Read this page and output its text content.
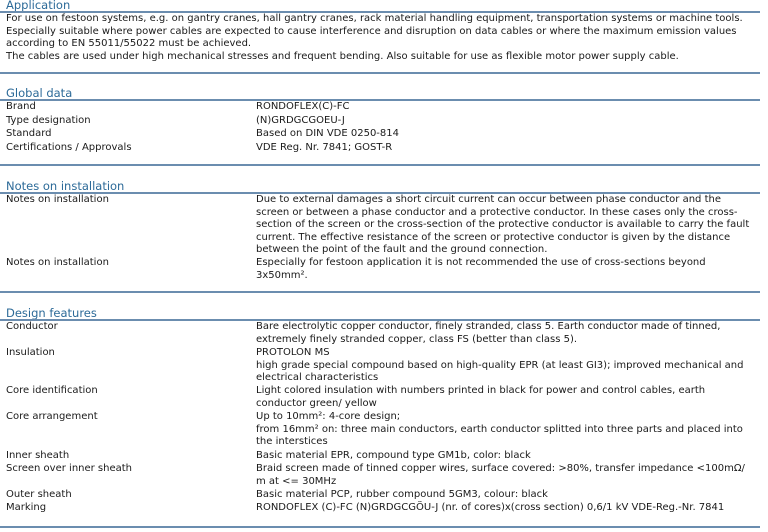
Application

For use on festoon systems, e.g. on gantry cranes, hall gantry cranes, rack material handling equipment, transportation systems or machine tools.

Especially suitable where power cables are expected to cause interference and disruption on data cables or where the maximum emission values according to EN 55011/55022 must be achieved.

The cables are used under high mechanical stresses and frequent bending. Also suitable for use as flexible motor power supply cable.

Global data
Brand	RONDOFLEX(C)-FC
Type designation	(N)GRDGCGOEU-J
Standard	Based on DIN VDE 0250-814
Certifications / Approvals	VDE Reg. Nr. 7841; GOST-R
Notes on installation
Notes on installation	Due to external damages a short circuit current can occur between phase conductor and the
screen or between a phase conductor and a protective conductor. In these cases only the cross-
section of the screen or the cross-section of the protective conductor is available to carry the fault
current. The effective resistance of the screen or protective conductor is given by the distance
between the point of the fault and the ground connection.
Notes on installation	Especially for festoon application it is not recommended the use of cross-sections beyond
3x50mm².
Design features
Conductor	Bare electrolytic copper conductor, finely stranded, class 5. Earth conductor made of tinned,
extremely finely stranded copper, class FS (better than class 5).
Insulation	PROTOLON MS
high grade special compound based on high-quality EPR (at least GI3); improved mechanical and
electrical characteristics
Core identification	Light colored insulation with numbers printed in black for power and control cables, earth
conductor green/ yellow
Core arrangement	Up to 10mm²: 4-core design;
from 16mm² on: three main conductors, earth conductor splitted into three parts and placed into
the interstices
Inner sheath	Basic material EPR, compound type GM1b, color: black
Screen over inner sheath	Braid screen made of tinned copper wires, surface covered: >80%, transfer impedance <100mΩ/
m at <= 30MHz
Outer sheath	Basic material PCP, rubber compound 5GM3, colour: black
Marking	RONDOFLEX (C)-FC (N)GRDGCGÖU-J (nr. of cores)x(cross section) 0,6/1 kV VDE-Reg.-Nr. 7841
